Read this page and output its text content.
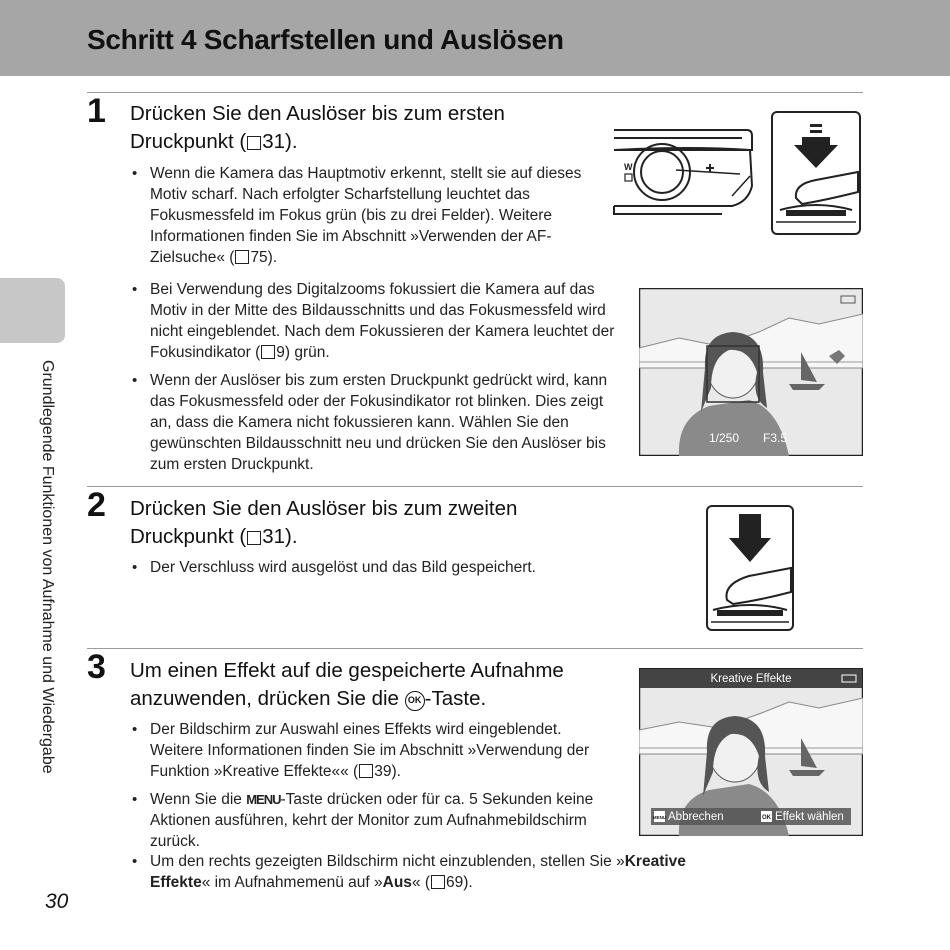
Schritt 4 Scharfstellen und Auslösen
Grundlegende Funktionen von Aufnahme und Wiedergabe
1 Drücken Sie den Auslöser bis zum ersten
Druckpunkt ( 31).
• Wenn die Kamera das Hauptmotiv erkennt, stellt sie auf dieses Motiv scharf. Nach erfolgter Scharfstellung leuchtet das Fokusmessfeld im Fokus grün (bis zu drei Felder). Weitere Informationen finden Sie im Abschnitt »Verwenden der AF-Zielsuche« ( 75).
• Bei Verwendung des Digitalzooms fokussiert die Kamera auf das Motiv in der Mitte des Bildausschnitts und das Fokusmessfeld wird nicht eingeblendet. Nach dem Fokussieren der Kamera leuchtet der Fokusindikator ( 9) grün.
• Wenn der Auslöser bis zum ersten Druckpunkt gedrückt wird, kann das Fokusmessfeld oder der Fokusindikator rot blinken. Dies zeigt an, dass die Kamera nicht fokussieren kann. Wählen Sie den gewünschten Bildausschnitt neu und drücken Sie den Auslöser bis zum ersten Druckpunkt.
W
1/250 F3.5
2 Drücken Sie den Auslöser bis zum zweiten
Druckpunkt ( 31).
• Der Verschluss wird ausgelöst und das Bild gespeichert.
3 Um einen Effekt auf die gespeicherte Aufnahme
anzuwenden, drücken Sie die OK -Taste.
• Der Bildschirm zur Auswahl eines Effekts wird eingeblendet. Weitere Informationen finden Sie im Abschnitt »Verwendung der Funktion »Kreative Effekte«« ( 39).
• Wenn Sie die MENU-Taste drücken oder für ca. 5 Sekunden keine Aktionen ausführen, kehrt der Monitor zum Aufnahmebildschirm zurück.
• Um den rechts gezeigten Bildschirm nicht einzublenden, stellen Sie »Kreative Effekte« im Aufnahmemenü auf »Aus« ( 69).
Kreative Effekte
MENU Abbrechen	OK Effekt wählen
30
